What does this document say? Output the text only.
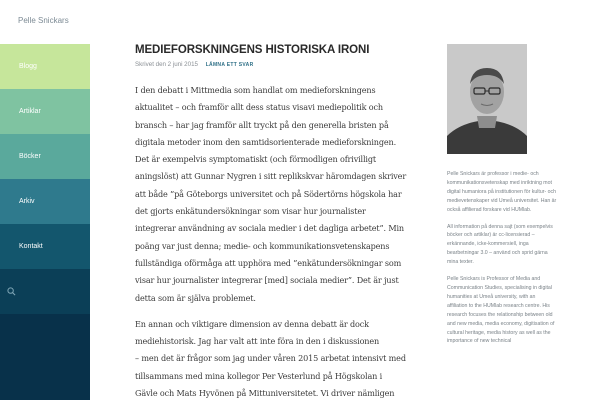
Pelle Snickars
Blogg
Artiklar
Böcker
Arkiv
Kontakt
MEDIEFORSKNINGENS HISTORISKA IRONI
Skrivet den 2 juni 2015 LÄMNA ETT SVAR

I den debatt i Mittmedia som handlat om medieforskningens
aktualitet – och framför allt dess status visavi mediepolitik och
bransch – har jag framför allt tryckt på den generella bristen på
digitala metoder inom den samtidsorienterade medieforskningen.
Det är exempelvis symptomatiskt (och förmodligen ofrivilligt
aningslöst) att Gunnar Nygren i sitt replikskvar häromdagen skriver
att både ”på Göteborgs universitet och på Södertörns högskola har
det gjorts enkätundersökningar som visar hur journalister
integrerar användning av sociala medier i det dagliga arbetet”. Min
poäng var just denna; medie- och kommunikationsvetenskapens
fullständiga oförmåga att upphöra med ”enkätundersökningar som
visar hur journalister integrerar [med] sociala medier”. Det är just
detta som är själva problemet.

En annan och viktigare dimension av denna debatt är dock
mediehistorisk. Jag har valt att inte föra in den i diskussionen
– men det är frågor som jag under våren 2015 arbetat intensivt med
tillsammans med mina kollegor Per Vesterlund på Högskolan i
Gävle och Mats Hyvönen på Mittuniversitetet. Vi driver nämligen

Pelle Snickars är professor i medie- och kommunikationsvetenskap med inriktning mot digital humaniora på institutionen för kultur- och medievetenskaper vid Umeå universitet. Han är också affilierad forskare vid HUMlab.

All information på denna sajt (som exempelvis böcker och artiklar) är cc-licensierad – erkännande, icke-kommersiell, inga bearbetningar 3.0 – använd och sprid gärna mina texter.

Pelle Snickars is Professor of Media and Communication Studies, specialising in digital humanities at Umeå university, with an affiliation to the HUMlab research centre. His research focuses the relationship between old and new media, media economy, digitisation of cultural heritage, media history as well as the importance of new technical
